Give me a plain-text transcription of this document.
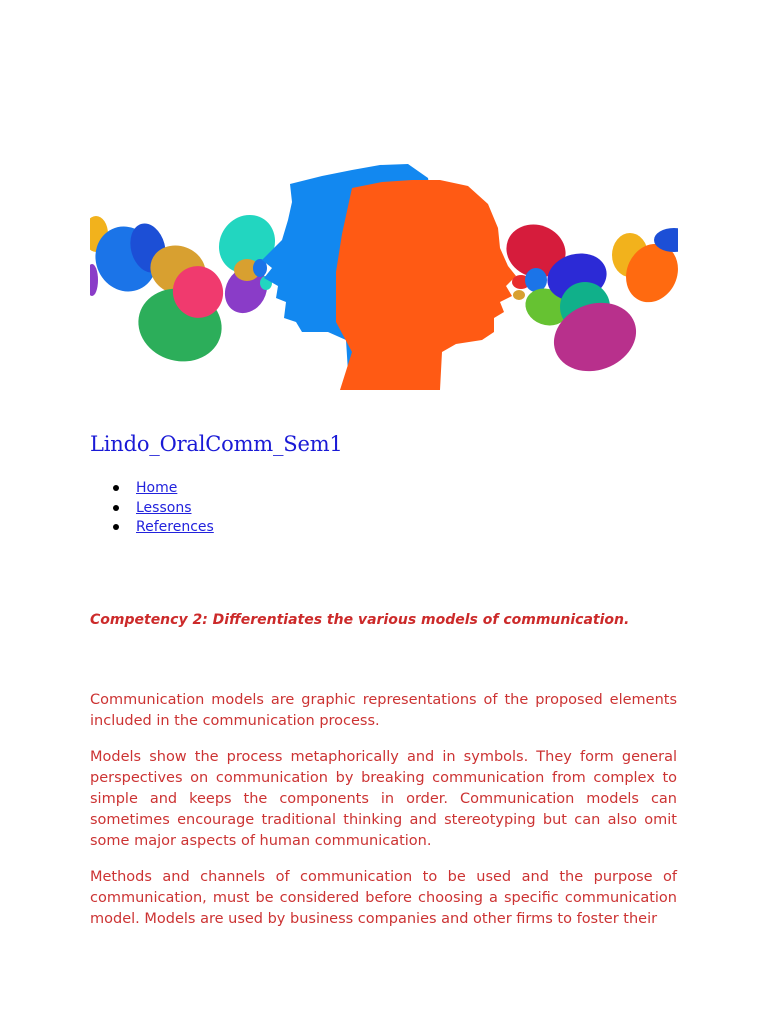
Lindo_OralComm_Sem1
Home
Lessons
References

Competency 2: Differentiates the various models of communication.

Communication models are graphic representations of the proposed elements included in the communication process.

Models show the process metaphorically and in symbols. They form general perspectives on communication by breaking communication from complex to simple and keeps the components in order. Communication models can sometimes encourage traditional thinking and stereotyping but can also omit some major aspects of human communication.

Methods and channels of communication to be used and the purpose of communication, must be considered before choosing a specific communication model. Models are used by business companies and other firms to foster their
